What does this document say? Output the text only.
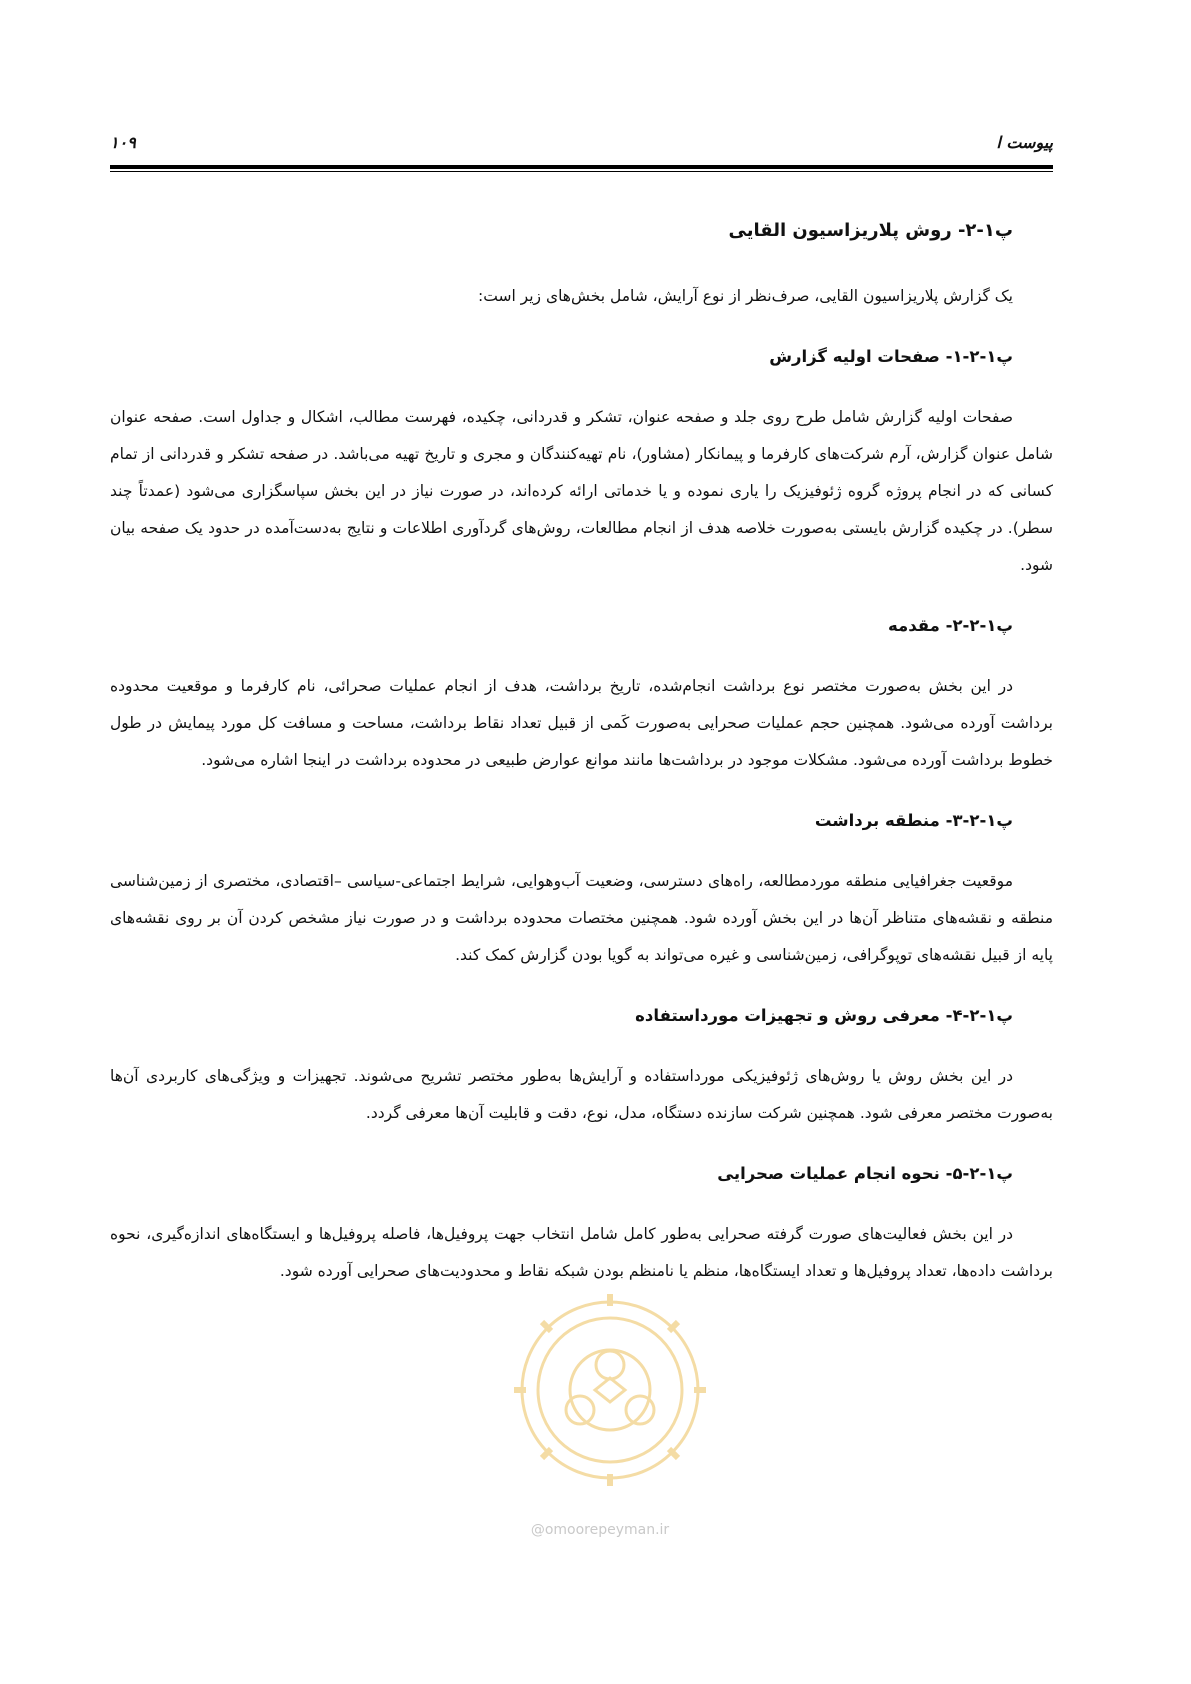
۱۰۹	پیوست ا
پ۱-۲- روش پلاریزاسیون القایی

یک گزارش پلاریزاسیون القایی، صرف‌نظر از نوع آرایش، شامل بخش‌های زیر است:

پ۱-۲-۱- صفحات اولیه گزارش

صفحات اولیه گزارش شامل طرح روی جلد و صفحه عنوان، تشکر و قدردانی، چکیده، فهرست مطالب، اشکال و جداول است. صفحه عنوان شامل عنوان گزارش، آرم شرکت‌های کارفرما و پیمانکار (مشاور)، نام تهیه‌کنندگان و مجری و تاریخ تهیه می‌باشد. در صفحه تشکر و قدردانی از تمام کسانی که در انجام پروژه گروه ژئوفیزیک را یاری نموده و یا خدماتی ارائه کرده‌اند، در صورت نیاز در این بخش سپاسگزاری می‌شود (عمدتاً چند سطر). در چکیده گزارش بایستی به‌صورت خلاصه هدف از انجام مطالعات، روش‌های گردآوری اطلاعات و نتایج به‌دست‌آمده در حدود یک صفحه بیان شود.

پ۱-۲-۲- مقدمه

در این بخش به‌صورت مختصر نوع برداشت انجام‌شده، تاریخ برداشت، هدف از انجام عملیات صحرائی، نام کارفرما و موقعیت محدوده برداشت آورده می‌شود. همچنین حجم عملیات صحرایی به‌صورت کَمی از قبیل تعداد نقاط برداشت، مساحت و مسافت کل مورد پیمایش در طول خطوط برداشت آورده می‌شود. مشکلات موجود در برداشت‌ها مانند موانع عوارض طبیعی در محدوده برداشت در اینجا اشاره می‌شود.

پ۱-۲-۳- منطقه برداشت

موقعیت جغرافیایی منطقه موردمطالعه، راه‌های دسترسی، وضعیت آب‌وهوایی، شرایط اجتماعی-سیاسی –اقتصادی، مختصری از زمین‌شناسی منطقه و نقشه‌های متناظر آن‌ها در این بخش آورده شود. همچنین مختصات محدوده برداشت و در صورت نیاز مشخص کردن آن بر روی نقشه‌های پایه از قبیل نقشه‌های توپوگرافی، زمین‌شناسی و غیره می‌تواند به گویا بودن گزارش کمک کند.

پ۱-۲-۴- معرفی روش و تجهیزات مورداستفاده

در این بخش روش یا روش‌های ژئوفیزیکی مورداستفاده و آرایش‌ها به‌طور مختصر تشریح می‌شوند. تجهیزات و ویژگی‌های کاربردی آن‌ها به‌صورت مختصر معرفی شود. همچنین شرکت سازنده دستگاه، مدل، نوع، دقت و قابلیت آن‌ها معرفی گردد.

پ۱-۲-۵- نحوه انجام عملیات صحرایی

در این بخش فعالیت‌های صورت گرفته صحرایی به‌طور کامل شامل انتخاب جهت پروفیل‌ها، فاصله پروفیل‌ها و ایستگاه‌های اندازه‌گیری، نحوه برداشت داده‌ها، تعداد پروفیل‌ها و تعداد ایستگاه‌ها، منظم یا نامنظم بودن شبکه نقاط و محدودیت‌های صحرایی آورده شود.

@omoorepeyman.ir
